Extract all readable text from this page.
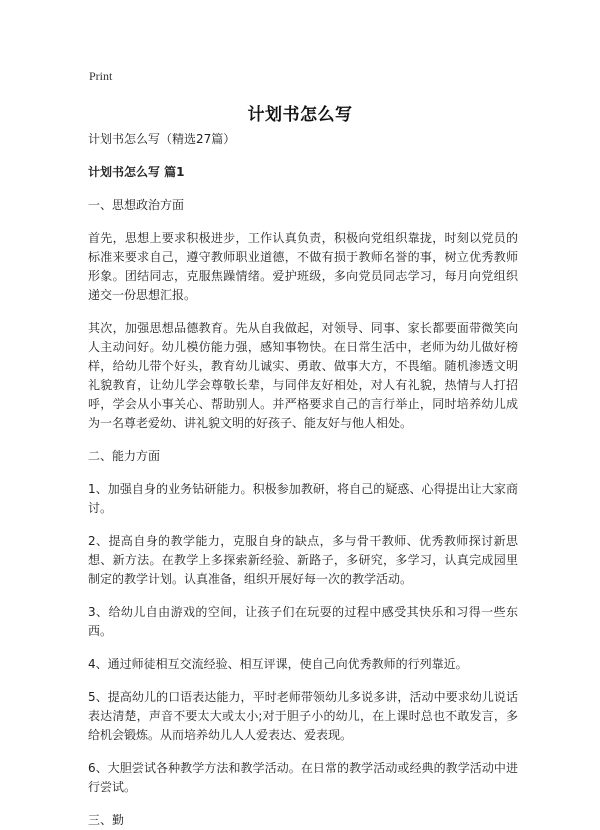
Print
计划书怎么写

计划书怎么写（精选27篇）

计划书怎么写 篇1

一、思想政治方面

首先，思想上要求积极进步，工作认真负责，积极向党组织靠拢，时刻以党员的标准来要求自己，遵守教师职业道德，不做有损于教师名誉的事，树立优秀教师形象。团结同志，克服焦躁情绪。爱护班级，多向党员同志学习，每月向党组织递交一份思想汇报。

其次，加强思想品德教育。先从自我做起，对领导、同事、家长都要面带微笑向人主动问好。幼儿模仿能力强，感知事物快。在日常生活中，老师为幼儿做好榜样，给幼儿带个好头，教育幼儿诚实、勇敢、做事大方，不畏缩。随机渗透文明礼貌教育，让幼儿学会尊敬长辈，与同伴友好相处，对人有礼貌，热情与人打招呼，学会从小事关心、帮助别人。并严格要求自己的言行举止，同时培养幼儿成为一名尊老爱幼、讲礼貌文明的好孩子、能友好与他人相处。

二、能力方面

1、加强自身的业务钻研能力。积极参加教研，将自己的疑惑、心得提出让大家商讨。

2、提高自身的教学能力，克服自身的缺点，多与骨干教师、优秀教师探讨新思想、新方法。在教学上多探索新经验、新路子，多研究，多学习，认真完成园里制定的教学计划。认真准备，组织开展好每一次的教学活动。

3、给幼儿自由游戏的空间，让孩子们在玩耍的过程中感受其快乐和习得一些东西。

4、通过师徒相互交流经验、相互评课，使自己向优秀教师的行列靠近。

5、提高幼儿的口语表达能力，平时老师带领幼儿多说多讲，活动中要求幼儿说话表达清楚，声音不要太大或太小;对于胆子小的幼儿，在上课时总也不敢发言，多给机会锻炼。从而培养幼儿人人爱表达、爱表现。

6、大胆尝试各种教学方法和教学活动。在日常的教学活动或经典的教学活动中进行尝试。

三、勤
